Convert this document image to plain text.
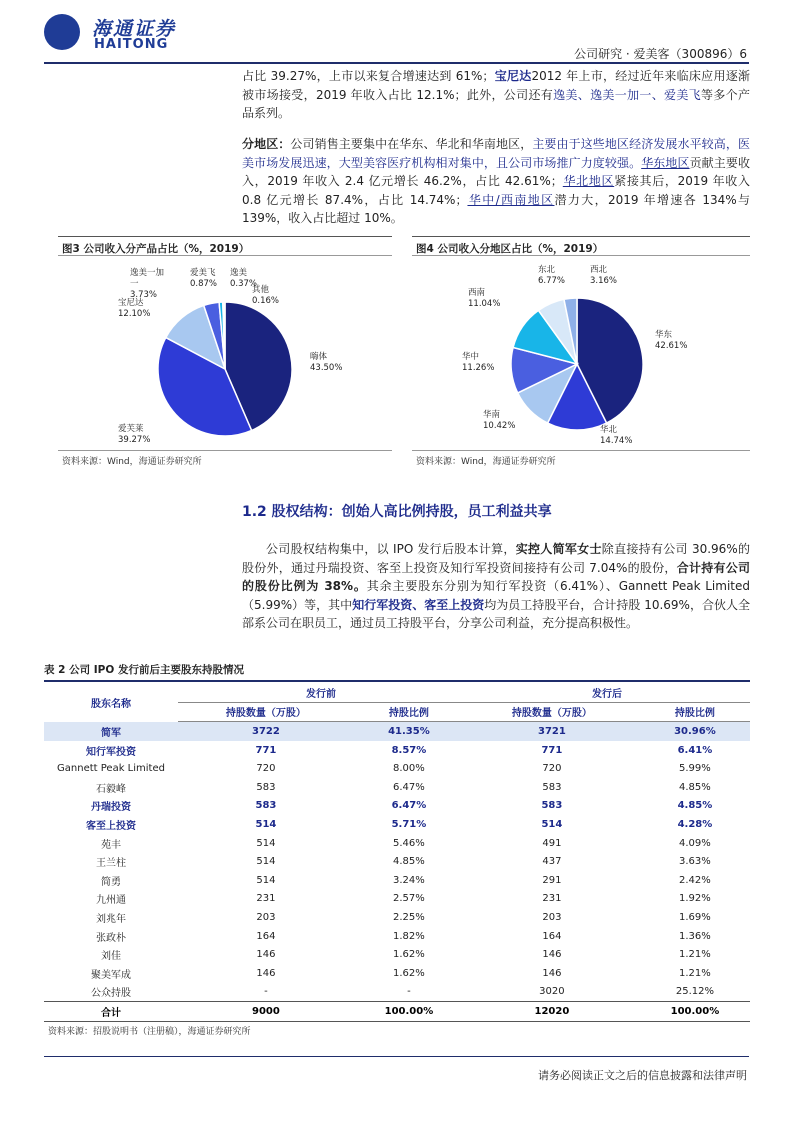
海通证券
HAITONG
公司研究 · 爱美客（300896）6
占比 39.27%，上市以来复合增速达到 61%；宝尼达2012 年上市，经过近年来临床应用逐渐被市场接受，2019 年收入占比 12.1%；此外，公司还有逸美、逸美一加一、爱美飞等多个产品系列。
分地区：公司销售主要集中在华东、华北和华南地区，主要由于这些地区经济发展水平较高，医美市场发展迅速，大型美容医疗机构相对集中，且公司市场推广力度较强。华东地区贡献主要收入，2019 年收入 2.4 亿元增长 46.2%，占比 42.61%；华北地区紧接其后，2019 年收入 0.8 亿元增长 87.4%，占比 14.74%；华中/西南地区潜力大，2019 年增速各 134%与 139%，收入占比超过 10%。
图3 公司收入分产品占比（%，2019）
嗨体
43.50%
爱芙莱
39.27%
宝尼达
12.10%
逸美一加一
3.73%
爱美飞
0.87%
逸美
0.37%
其他
0.16%
资料来源：Wind，海通证券研究所
图4 公司收入分地区占比（%，2019）
华东
42.61%
华北
14.74%
华南
10.42%
华中
11.26%
西南
11.04%
东北
6.77%
西北
3.16%
资料来源：Wind，海通证券研究所
1.2 股权结构：创始人高比例持股，员工利益共享
公司股权结构集中，以 IPO 发行后股本计算，实控人简军女士除直接持有公司 30.96%的股份外，通过丹瑞投资、客至上投资及知行军投资间接持有公司 7.04%的股份，合计持有公司的股份比例为 38%。其余主要股东分别为知行军投资（6.41%）、Gannett Peak Limited（5.99%）等，其中知行军投资、客至上投资均为员工持股平台，合计持股 10.69%，合伙人全部系公司在职员工，通过员工持股平台，分享公司利益，充分提高积极性。
表 2 公司 IPO 发行前后主要股东持股情况
股东名称	发行前		发行后	
	持股数量（万股）	持股比例	持股数量（万股）	持股比例
简军	3722	41.35%	3721	30.96%
知行军投资	771	8.57%	771	6.41%
Gannett Peak Limited	720	8.00%	720	5.99%
石毅峰	583	6.47%	583	4.85%
丹瑞投资	583	6.47%	583	4.85%
客至上投资	514	5.71%	514	4.28%
苑丰	514	5.46%	491	4.09%
王兰柱	514	4.85%	437	3.63%
简勇	514	3.24%	291	2.42%
九州通	231	2.57%	231	1.92%
刘兆年	203	2.25%	203	1.69%
张政朴	164	1.82%	164	1.36%
刘佳	146	1.62%	146	1.21%
聚美军成	146	1.62%	146	1.21%
公众持股	-	-	3020	25.12%
合计	9000	100.00%	12020	100.00%
资料来源：招股说明书（注册稿），海通证券研究所
请务必阅读正文之后的信息披露和法律声明
